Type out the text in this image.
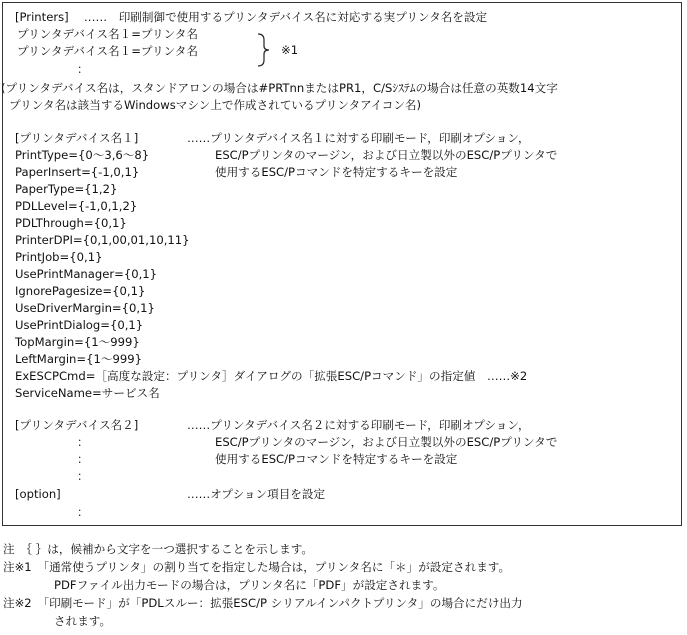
[Printers]　 ……　印刷制御で使用するプリンタデバイス名に対応する実プリンタ名を設定
プリンタデバイス名１=プリンタ名
プリンタデバイス名１=プリンタ名	※1
：
(プリンタデバイス名は，スタンドアロンの場合は#PRTnnまたはPR1，C/Sｼｽﾃﾑの場合は任意の英数14文字
プリンタ名は該当するWindowsマシン上で作成されているプリンタアイコン名)
[プリンタデバイス名１]	……プリンタデバイス名１に対する印刷モード，印刷オプション，
PrintType={0～3,6～8}	ESC/Pプリンタのマージン，および日立製以外のESC/Pプリンタで
PaperInsert={-1,0,1}	使用するESC/Pコマンドを特定するキーを設定
PaperType={1,2}
PDLLevel={-1,0,1,2}
PDLThrough={0,1}
PrinterDPI={0,1,00,01,10,11}
PrintJob={0,1}
UsePrintManager={0,1}
IgnorePagesize={0,1}
UseDriverMargin={0,1}
UsePrintDialog={0,1}
TopMargin={1～999}
LeftMargin={1～999}
ExESCPCmd=［高度な設定：プリンタ］ダイアログの「拡張ESC/Pコマンド」の指定値　……※2
ServiceName=サービス名
[プリンタデバイス名２]	……プリンタデバイス名２に対する印刷モード，印刷オプション，
：	ESC/Pプリンタのマージン，および日立製以外のESC/Pプリンタで
：	使用するESC/Pコマンドを特定するキーを設定
：
[option]	……オプション項目を設定
：
注　｛ ｝は，候補から文字を一つ選択することを示します。
注※1　「通常使うプリンタ」の割り当てを指定した場合は，プリンタ名に「＊」が設定されます。
PDFファイル出力モードの場合は，プリンタ名に「PDF」が設定されます。
注※2　「印刷モード」が「PDLスルー：拡張ESC/P シリアルインパクトプリンタ」の場合にだけ出力
されます。
